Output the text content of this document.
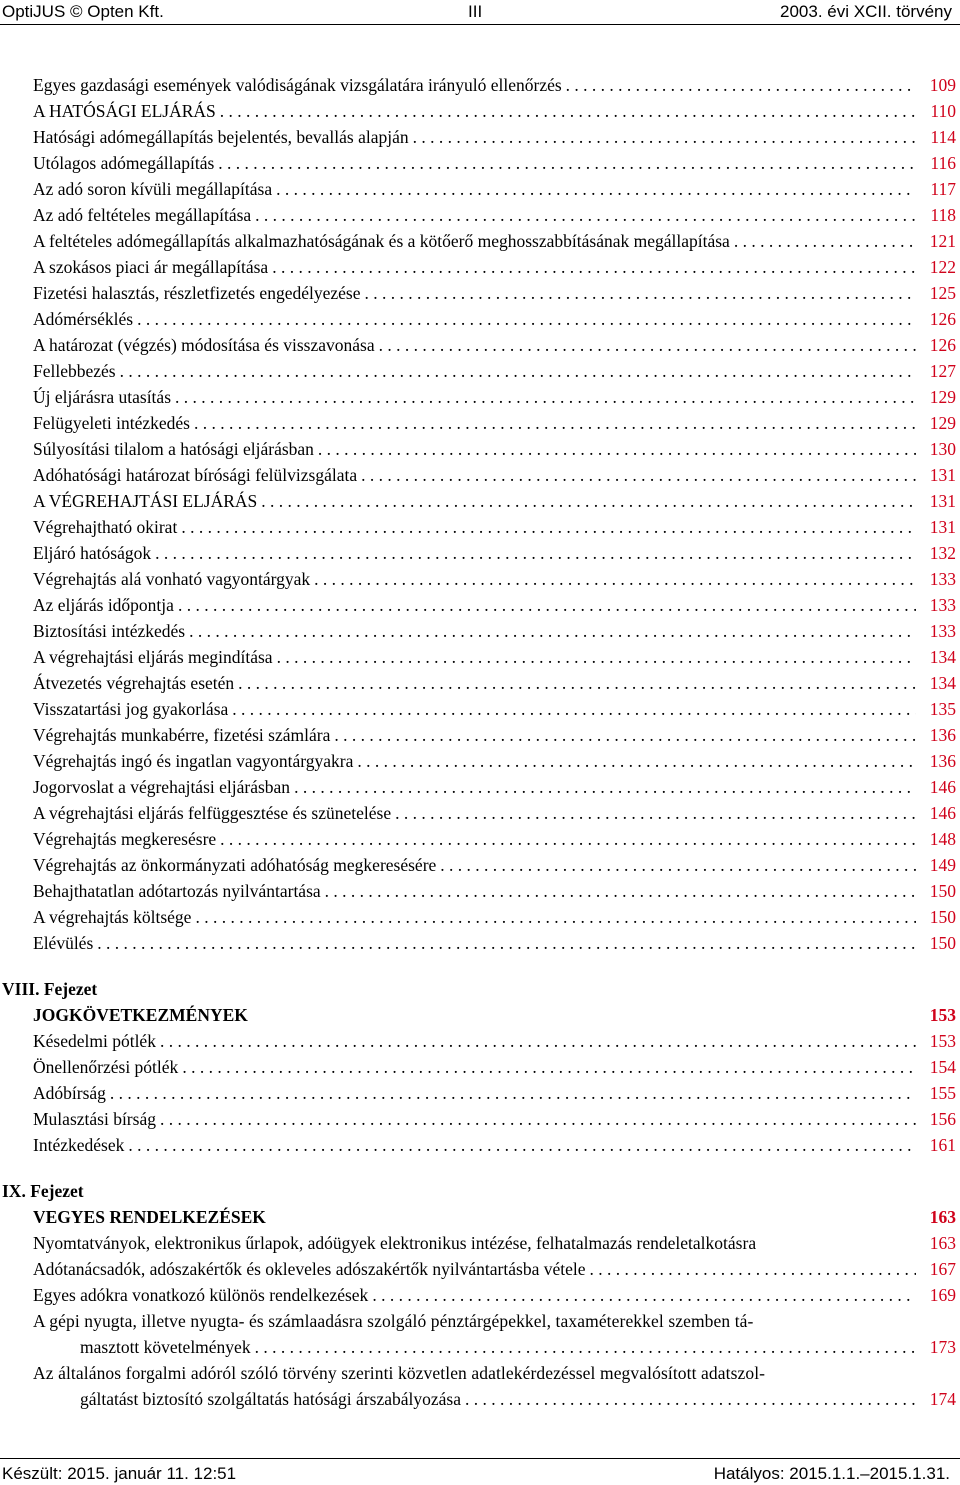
OptiJUS © Opten Kft.	III	2003. évi XCII. törvény
Egyes gazdasági események valódiságának vizsgálatára irányuló ellenőrzés . . .	109
A HATÓSÁGI ELJÁRÁS . . .	110
Hatósági adómegállapítás bejelentés, bevallás alapján . . .	114
Utólagos adómegállapítás . . .	116
Az adó soron kívüli megállapítása . . .	117
Az adó feltételes megállapítása . . .	118
A feltételes adómegállapítás alkalmazhatóságának és a kötőerő meghosszabbításának megállapítása . . .	121
A szokásos piaci ár megállapítása . . .	122
Fizetési halasztás, részletfizetés engedélyezése . . .	125
Adómérséklés . . .	126
A határozat (végzés) módosítása és visszavonása . . .	126
Fellebbezés . . .	127
Új eljárásra utasítás . . .	129
Felügyeleti intézkedés . . .	129
Súlyosítási tilalom a hatósági eljárásban . . .	130
Adóhatósági határozat bírósági felülvizsgálata . . .	131
A VÉGREHAJTÁSI ELJÁRÁS . . .	131
Végrehajtható okirat . . .	131
Eljáró hatóságok . . .	132
Végrehajtás alá vonható vagyontárgyak . . .	133
Az eljárás időpontja . . .	133
Biztosítási intézkedés . . .	133
A végrehajtási eljárás megindítása . . .	134
Átvezetés végrehajtás esetén . . .	134
Visszatartási jog gyakorlása . . .	135
Végrehajtás munkabérre, fizetési számlára . . .	136
Végrehajtás ingó és ingatlan vagyontárgyakra . . .	136
Jogorvoslat a végrehajtási eljárásban . . .	146
A végrehajtási eljárás felfüggesztése és szünetelése . . .	146
Végrehajtás megkeresésre . . .	148
Végrehajtás az önkormányzati adóhatóság megkeresésére . . .	149
Behajthatatlan adótartozás nyilvántartása . . .	150
A végrehajtás költsége . . .	150
Elévülés . . .	150
VIII. Fejezet
JOGKÖVETKEZMÉNYEK	153
Késedelmi pótlék . . .	153
Önellenőrzési pótlék . . .	154
Adóbírság . . .	155
Mulasztási bírság . . .	156
Intézkedések . . .	161
IX. Fejezet
VEGYES RENDELKEZÉSEK	163
Nyomtatványok, elektronikus űrlapok, adóügyek elektronikus intézése, felhatalmazás rendeletalkotásra	163
Adótanácsadók, adószakértők és okleveles adószakértők nyilvántartásba vétele . . .	167
Egyes adókra vonatkozó különös rendelkezések . . .	169
A gépi nyugta, illetve nyugta- és számlaadásra szolgáló pénztárgépekkel, taxaméterekkel szemben tá-
masztott követelmények . . .	173
Az általános forgalmi adóról szóló törvény szerinti közvetlen adatlekérdezéssel megvalósított adatszol-
gáltatást biztosító szolgáltatás hatósági árszabályozása . . .	174
Készült: 2015. január 11. 12:51	Hatályos: 2015.1.1.–2015.1.31.
